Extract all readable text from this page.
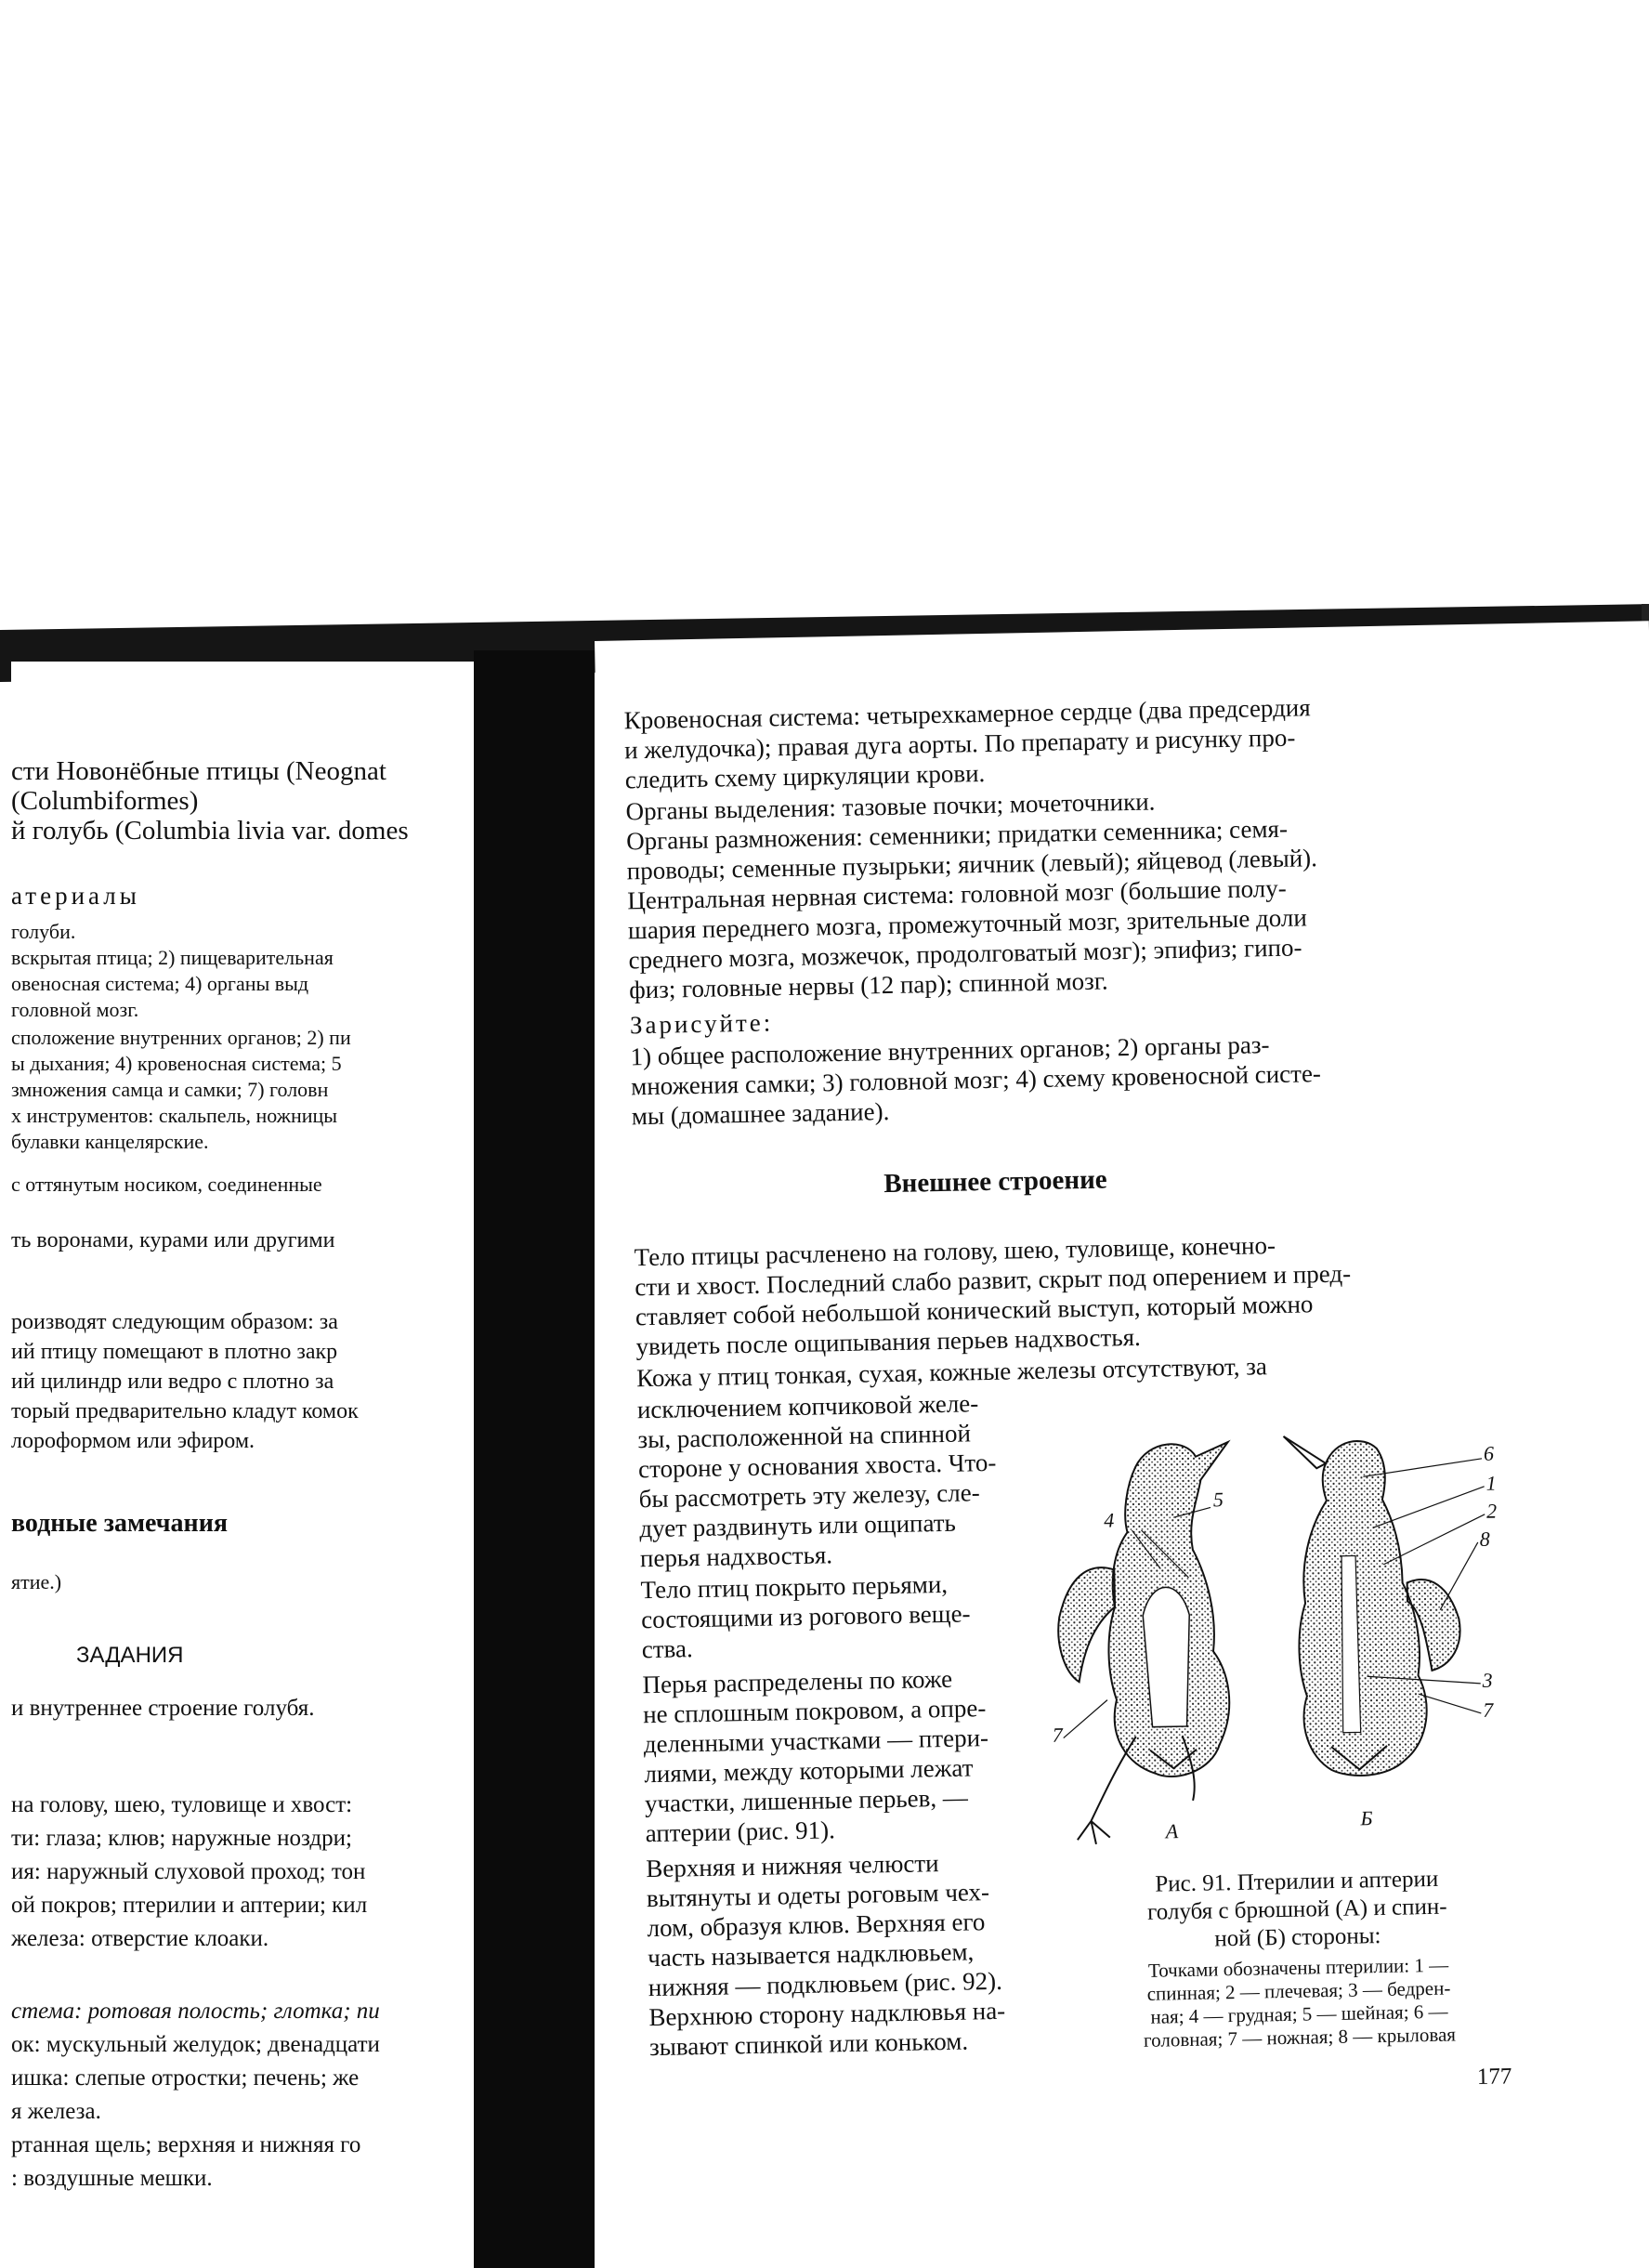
сти Новонёбные птицы (Neognat
(Columbiformes)
й голубь (Columbia livia var. domes
атериалы
голуби.
вскрытая птица; 2) пищеварительная
овеносная система; 4) органы выд
головной мозг.
сположение внутренних органов; 2) пи
ы дыхания; 4) кровеносная система; 5
змножения самца и самки; 7) головн
х инструментов: скальпель, ножницы
булавки канцелярские.
с оттянутым носиком, соединенные
ть воронами, курами или другими
роизводят следующим образом: за
ий птицу помещают в плотно закр
ий цилиндр или ведро с плотно за
торый предварительно кладут комок
лороформом или эфиром.
водные замечания
ятие.)
ЗАДАНИЯ
и внутреннее строение голубя.
на голову, шею, туловище и хвост:
ти: глаза; клюв; наружные ноздри;
ия: наружный слуховой проход; тон
ой покров; птерилии и аптерии; кил
железа: отверстие клоаки.
стема: ротовая полость; глотка; пи
ок: мускульный желудок; двенадцати
ишка: слепые отростки; печень; же
я железа.
ртанная щель; верхняя и нижняя го
: воздушные мешки.
Кровеносная система: четырехкамерное сердце (два предсердия
и желудочка); правая дуга аорты. По препарату и рисунку про-
следить схему циркуляции крови.
Органы выделения: тазовые почки; мочеточники.
Органы размножения: семенники; придатки семенника; семя-
проводы; семенные пузырьки; яичник (левый); яйцевод (левый).
Центральная нервная система: головной мозг (большие полу-
шария переднего мозга, промежуточный мозг, зрительные доли
среднего мозга, мозжечок, продолговатый мозг); эпифиз; гипо-
физ; головные нервы (12 пар); спинной мозг.
Зарисуйте:
1) общее расположение внутренних органов; 2) органы раз-
множения самки; 3) головной мозг; 4) схему кровеносной систе-
мы (домашнее задание).
Внешнее строение
Тело птицы расчленено на голову, шею, туловище, конечно-
сти и хвост. Последний слабо развит, скрыт под оперением и пред-
ставляет собой небольшой конический выступ, который можно
увидеть после ощипывания перьев надхвостья.
Кожа у птиц тонкая, сухая, кожные железы отсутствуют, за
исключением копчиковой желе-
зы, расположенной на спинной
стороне у основания хвоста. Что-
бы рассмотреть эту железу, сле-
дует раздвинуть или ощипать
перья надхвостья.
Тело птиц покрыто перьями,
состоящими из рогового веще-
ства.
Перья распределены по коже
не сплошным покровом, а опре-
деленными участками — птери-
лиями, между которыми лежат
участки, лишенные перьев, —
аптерии (рис. 91).
Верхняя и нижняя челюсти
вытянуты и одеты роговым чех-
лом, образуя клюв. Верхняя его
часть называется надклювьем,
нижняя — подклювьем (рис. 92).
Верхнюю сторону надклювья на-
зывают спинкой или коньком.
4
5
6
1
2
8
3
7
7
А
Б
Рис. 91. Птерилии и аптерии
голубя с брюшной (А) и спин-
ной (Б) стороны:
Точками обозначены птерилии: 1 —
спинная; 2 — плечевая; 3 — бедрен-
ная; 4 — грудная; 5 — шейная; 6 —
головная; 7 — ножная; 8 — крыловая
177
